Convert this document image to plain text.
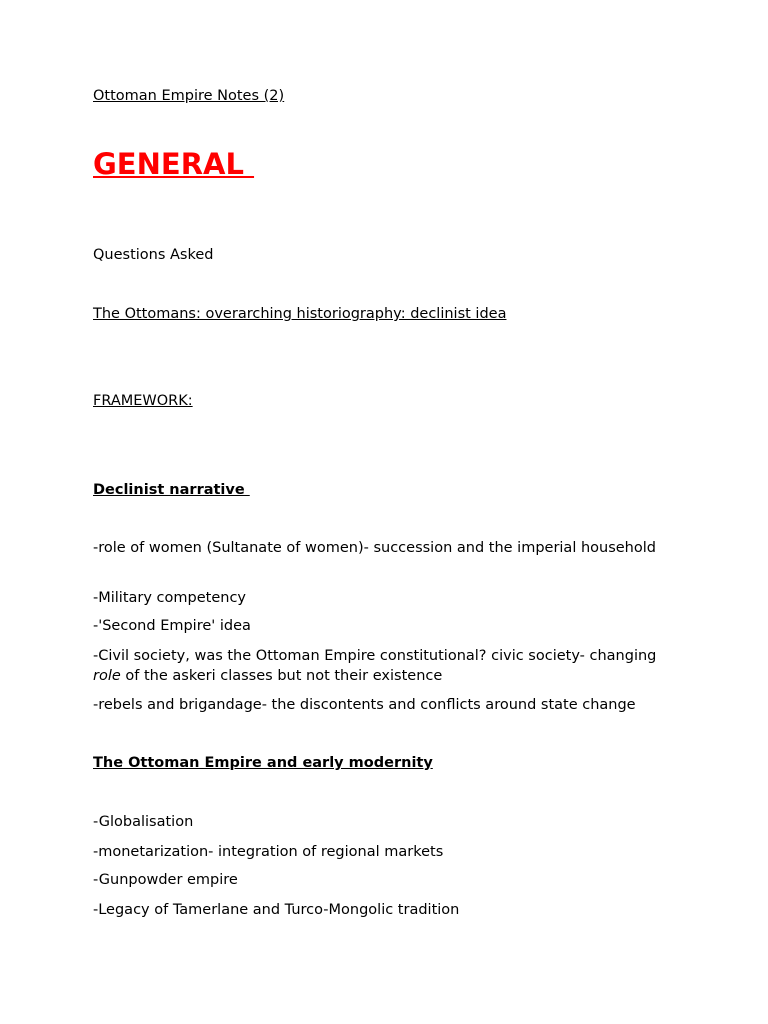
Ottoman Empire Notes (2)
GENERAL
Questions Asked
The Ottomans: overarching historiography: declinist idea
FRAMEWORK:
Declinist narrative
-role of women (Sultanate of women)- succession and the imperial household
-Military competency
-'Second Empire' idea
-Civil society, was the Ottoman Empire constitutional? civic society- changing role of the askeri classes but not their existence
-rebels and brigandage- the discontents and conflicts around state change
The Ottoman Empire and early modernity
-Globalisation
-monetarization- integration of regional markets
-Gunpowder empire
-Legacy of Tamerlane and Turco-Mongolic tradition
